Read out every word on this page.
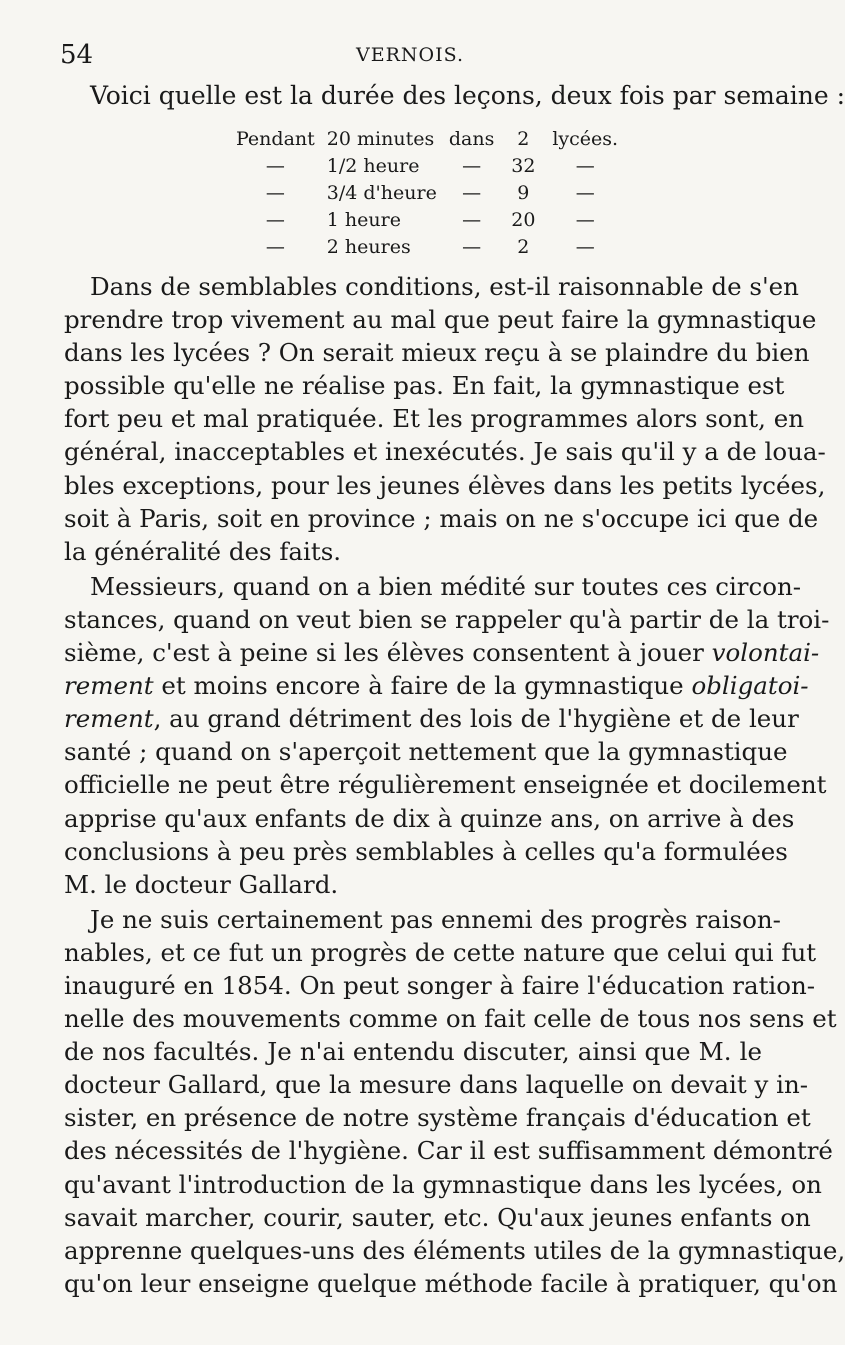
54	VERNOIS.
Voici quelle est la durée des leçons, deux fois par semaine :
Pendant	20 minutes	dans	2	lycées.
—	1/2 heure	—	32	—
—	3/4 d'heure	—	9	—
—	1 heure	—	20	—
—	2 heures	—	2	—

Dans de semblables conditions, est-il raisonnable de s'en
prendre trop vivement au mal que peut faire la gymnastique
dans les lycées ? On serait mieux reçu à se plaindre du bien
possible qu'elle ne réalise pas. En fait, la gymnastique est
fort peu et mal pratiquée. Et les programmes alors sont, en
général, inacceptables et inexécutés. Je sais qu'il y a de loua-
bles exceptions, pour les jeunes élèves dans les petits lycées,
soit à Paris, soit en province ; mais on ne s'occupe ici que de
la généralité des faits.

Messieurs, quand on a bien médité sur toutes ces circon-
stances, quand on veut bien se rappeler qu'à partir de la troi-
sième, c'est à peine si les élèves consentent à jouer volontai-
rement et moins encore à faire de la gymnastique obligatoi-
rement, au grand détriment des lois de l'hygiène et de leur
santé ; quand on s'aperçoit nettement que la gymnastique
officielle ne peut être régulièrement enseignée et docilement
apprise qu'aux enfants de dix à quinze ans, on arrive à des
conclusions à peu près semblables à celles qu'a formulées
M. le docteur Gallard.

Je ne suis certainement pas ennemi des progrès raison-
nables, et ce fut un progrès de cette nature que celui qui fut
inauguré en 1854. On peut songer à faire l'éducation ration-
nelle des mouvements comme on fait celle de tous nos sens et
de nos facultés. Je n'ai entendu discuter, ainsi que M. le
docteur Gallard, que la mesure dans laquelle on devait y in-
sister, en présence de notre système français d'éducation et
des nécessités de l'hygiène. Car il est suffisamment démontré
qu'avant l'introduction de la gymnastique dans les lycées, on
savait marcher, courir, sauter, etc. Qu'aux jeunes enfants on
apprenne quelques-uns des éléments utiles de la gymnastique,
qu'on leur enseigne quelque méthode facile à pratiquer, qu'on
